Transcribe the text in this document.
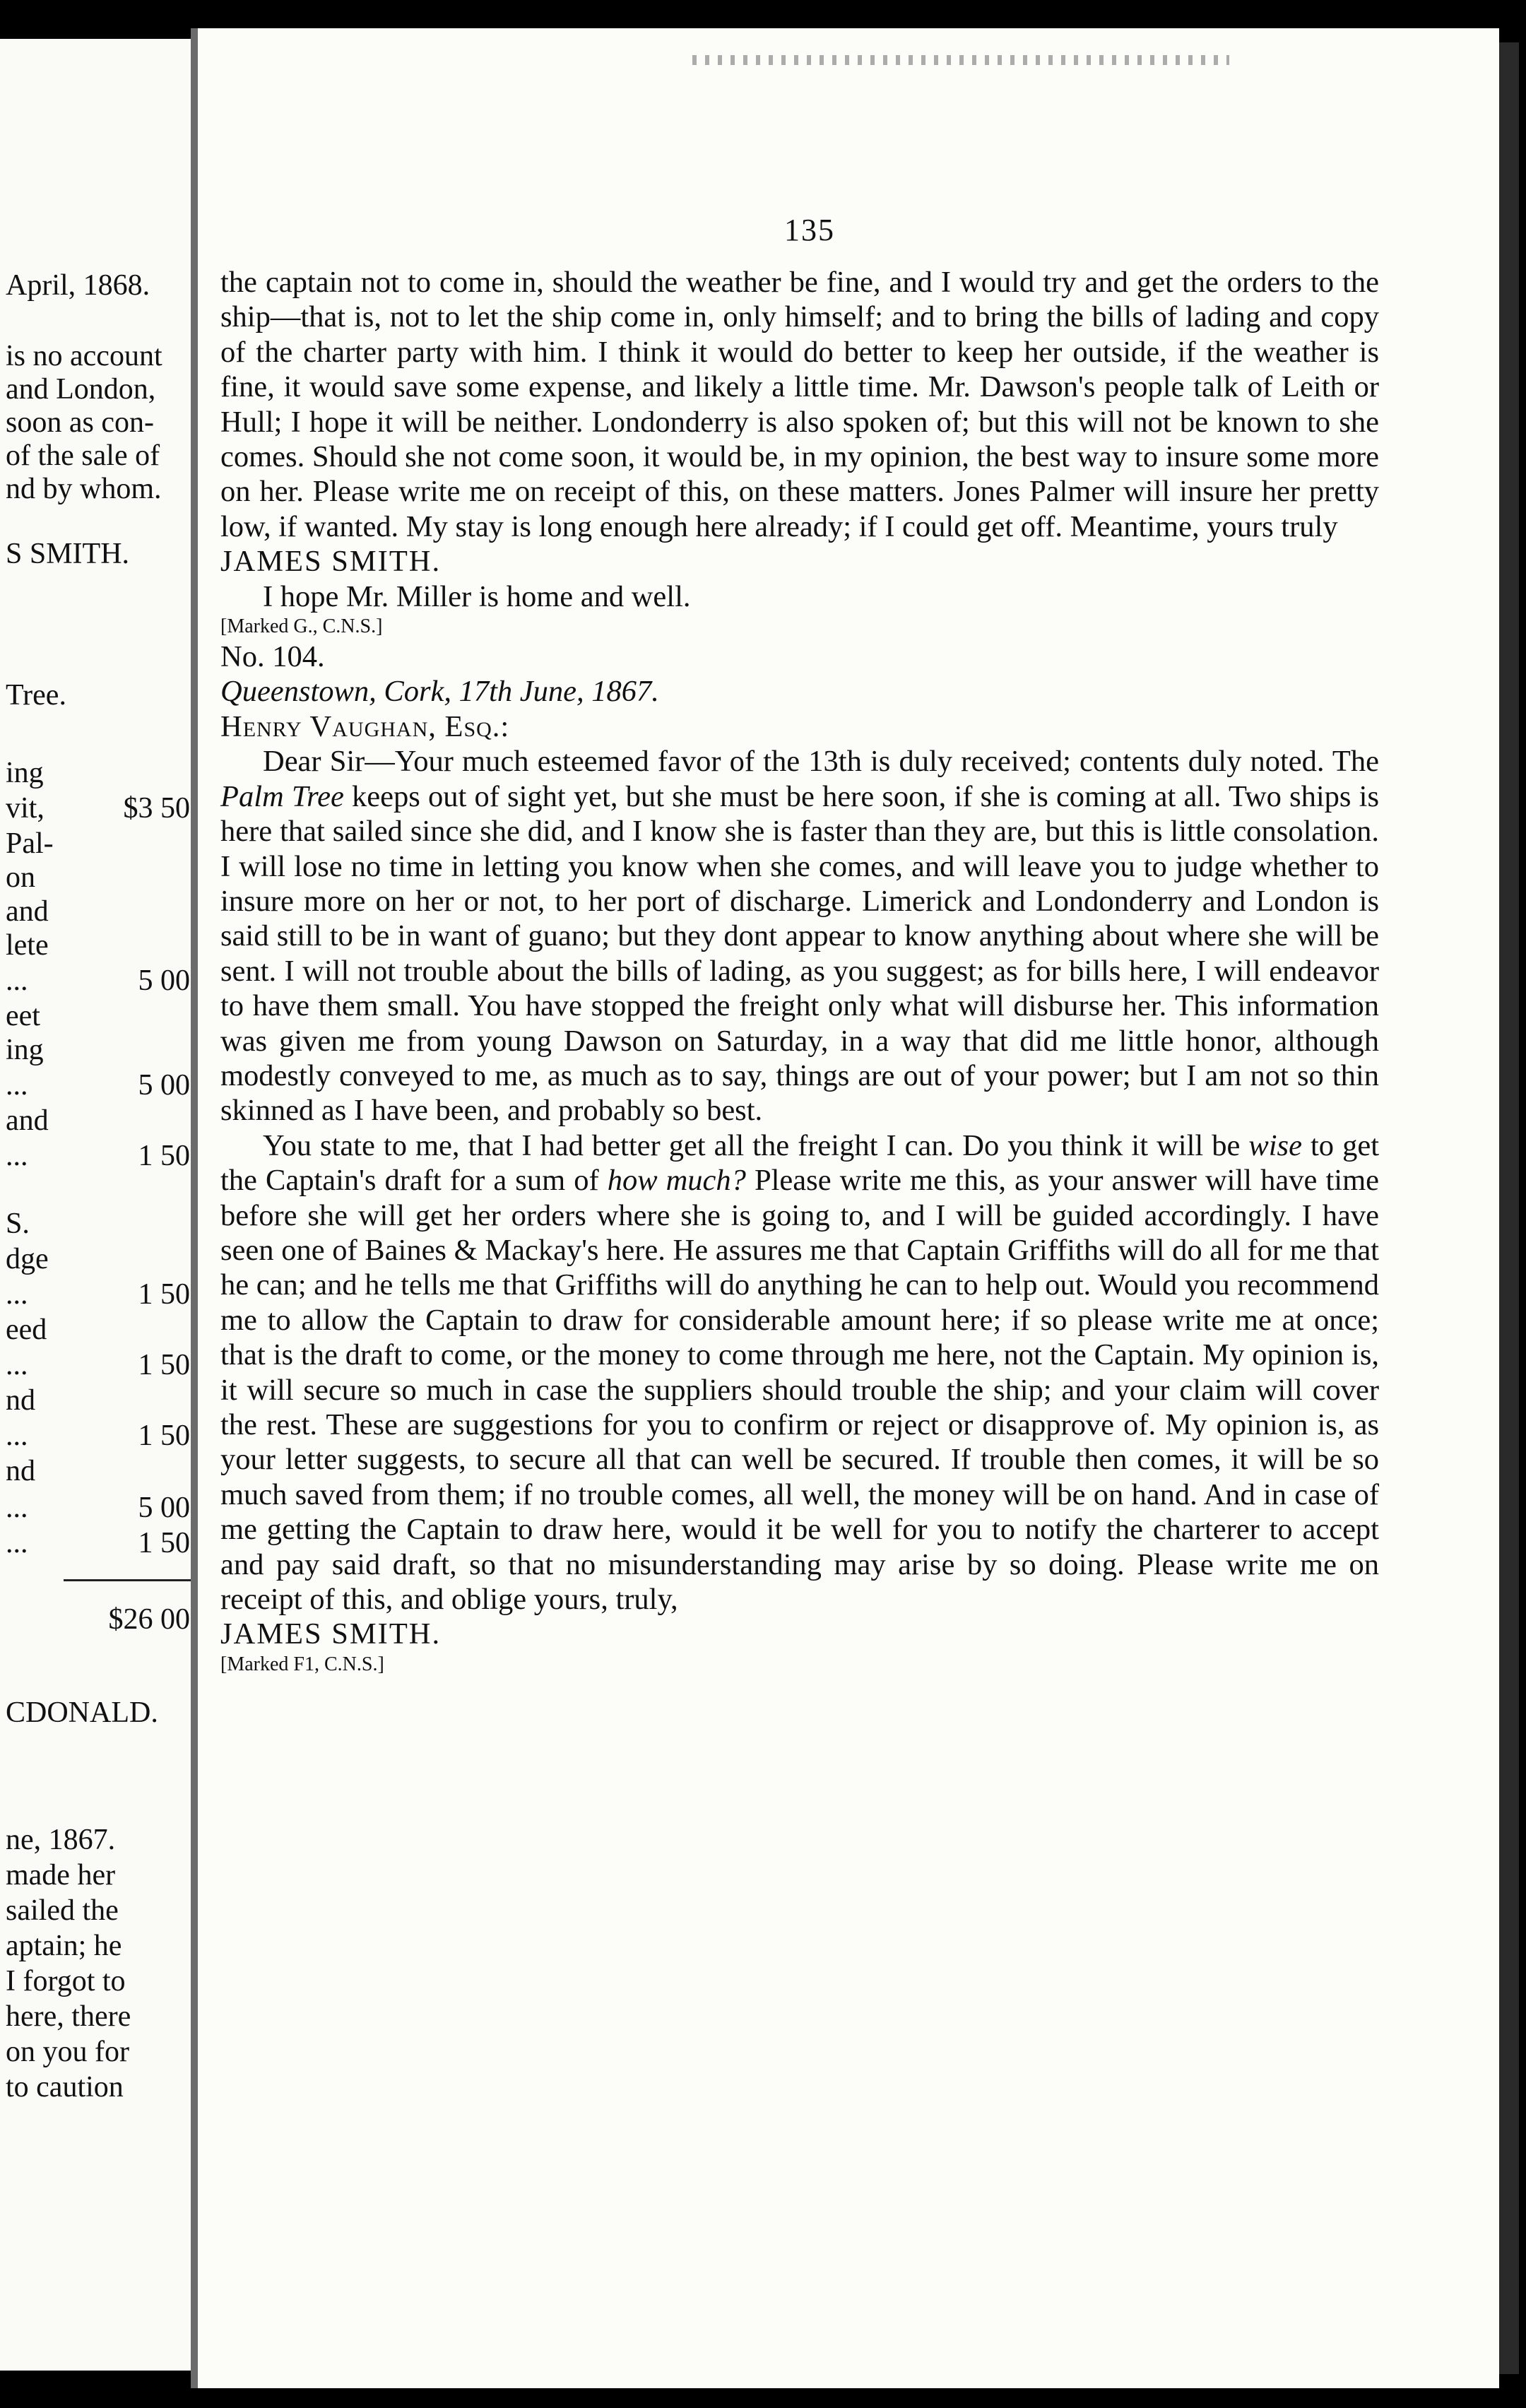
April, 1868.
is no account
and London,
soon as con-
of the sale of
nd by whom.
S SMITH.
Tree.
ing
vit,	$3 50
Pal-
on
and
lete
...	5 00
eet
ing
...	5 00
and
...	1 50
S.
dge
...	1 50
eed
...	1 50
nd
...	1 50
nd
...	5 00
...	1 50
$26 00
CDONALD.
ne, 1867.
made her
sailed the
aptain; he
I forgot to
here, there
on you for
to caution
135

the captain not to come in, should the weather be fine, and I would try and get the orders to the ship—that is, not to let the ship come in, only himself; and to bring the bills of lading and copy of the charter party with him. I think it would do better to keep her outside, if the weather is fine, it would save some expense, and likely a little time. Mr. Dawson's people talk of Leith or Hull; I hope it will be neither. Londonderry is also spoken of; but this will not be known to she comes. Should she not come soon, it would be, in my opinion, the best way to insure some more on her. Please write me on receipt of this, on these matters. Jones Palmer will insure her pretty low, if wanted. My stay is long enough here already; if I could get off. Meantime, yours truly

JAMES SMITH.

I hope Mr. Miller is home and well.

[Marked G., C.N.S.]

No. 104.

Queenstown, Cork, 17th June, 1867.

Henry Vaughan, Esq.:

Dear Sir—Your much esteemed favor of the 13th is duly received; contents duly noted. The Palm Tree keeps out of sight yet, but she must be here soon, if she is coming at all. Two ships is here that sailed since she did, and I know she is faster than they are, but this is little consolation. I will lose no time in letting you know when she comes, and will leave you to judge whether to insure more on her or not, to her port of discharge. Limerick and Londonderry and London is said still to be in want of guano; but they dont appear to know anything about where she will be sent. I will not trouble about the bills of lading, as you suggest; as for bills here, I will endeavor to have them small. You have stopped the freight only what will disburse her. This information was given me from young Dawson on Saturday, in a way that did me little honor, although modestly conveyed to me, as much as to say, things are out of your power; but I am not so thin skinned as I have been, and probably so best.

You state to me, that I had better get all the freight I can. Do you think it will be wise to get the Captain's draft for a sum of how much? Please write me this, as your answer will have time before she will get her orders where she is going to, and I will be guided accordingly. I have seen one of Baines & Mackay's here. He assures me that Captain Griffiths will do all for me that he can; and he tells me that Griffiths will do anything he can to help out. Would you recommend me to allow the Captain to draw for considerable amount here; if so please write me at once; that is the draft to come, or the money to come through me here, not the Captain. My opinion is, it will secure so much in case the suppliers should trouble the ship; and your claim will cover the rest. These are suggestions for you to confirm or reject or disapprove of. My opinion is, as your letter suggests, to secure all that can well be secured. If trouble then comes, it will be so much saved from them; if no trouble comes, all well, the money will be on hand. And in case of me getting the Captain to draw here, would it be well for you to notify the charterer to accept and pay said draft, so that no misunderstanding may arise by so doing. Please write me on receipt of this, and oblige yours, truly,

JAMES SMITH.

[Marked F1, C.N.S.]
